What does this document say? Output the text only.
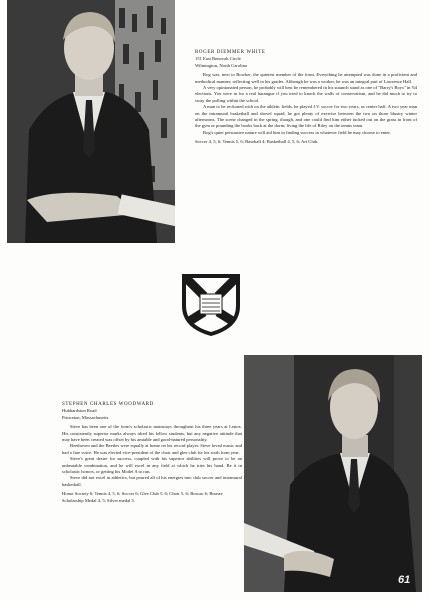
ROGER DIEMMER WHITE
151 East Renovah Circle
Wilmington, North Carolina

Rog was, next to Bowker, the quietest member of the form. Everything he attempted was done in a proficient and methodical manner, reflecting well in his grades. Although he was a worker, he was an integral part of Lawrence Hall.

A very opinionated person, he probably will best be remembered in his staunch stand as one of "Barry's Boys" in '64 elections. You were in for a real harangue if you tried to knock the walls of conservatism, and he did much to try to sway the polling within the school.

A man to be reckoned with on the athletic fields, he played J.V. soccer for two years, as center half. A two year man on the intramural basketball and shovel squad, he got plenty of exercise between the two on those blustry winter afternoons. The scene changed in the spring, though, and one could find him either tucked out on the grass in front of the gym or pounding the books back at the dorm; living the life of Riley on the tennis team.

Rog's quiet persuasive nature will aid him in finding success in whatever field he may choose to enter.

Soccer 4, 5, 6; Tennis 5, 6; Baseball 4; Basketball 4, 5, 6; Art Club.
STEPHEN CHARLES WOODWARD
Hubbardston Road
Princeton, Massachusetts

Steve has been one of the form's scholastic mainstays throughout his three years at Lenox. His consistently superior marks always irked his fellow students, but any negative attitude that may have been created was offset by his amiable and good-natured personality.

Beethoven and the Beetles were equally at home on his record player. Steve loved music and had a fine voice. He was elected vice-president of the choir and glee club for his sixth form year.

Steve's great desire for success, coupled with his superior abilities will prove to be an unbeatable combination, and he will excel in any field at which he tries his hand. Be it in scholastic honors, or getting his Model A to run.

Steve did not excel in athletics, but poured all of his energies into club soccer and intramural basketball.

Honor Society 6; Tennis 4, 5, 6; Soccer 6; Glee Club 5, 6; Choir 5, 6; Bosoro 6; Bronze Scholarship Medal 4, 5; Silver medal 5.
61
